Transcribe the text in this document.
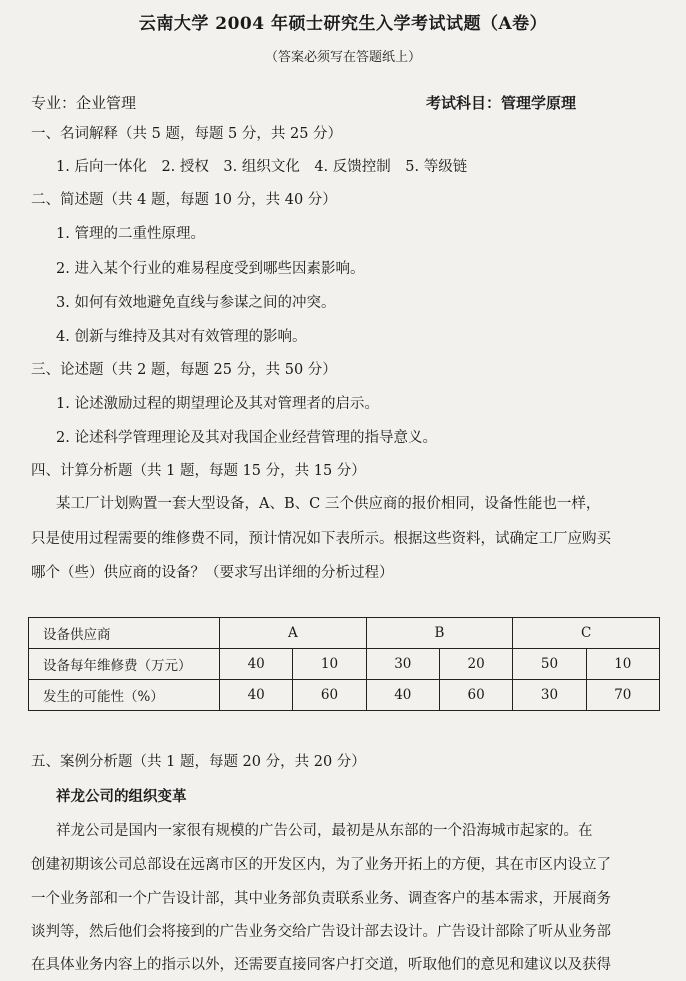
云南大学 2004 年硕士研究生入学考试试题（A卷）
（答案必须写在答题纸上）
专业：企业管理	考试科目：管理学原理
一、名词解释（共 5 题，每题 5 分，共 25 分）
1. 后向一体化　2. 授权　3. 组织文化　4. 反馈控制　5. 等级链
二、简述题（共 4 题，每题 10 分，共 40 分）
1. 管理的二重性原理。
2. 进入某个行业的难易程度受到哪些因素影响。
3. 如何有效地避免直线与参谋之间的冲突。
4. 创新与维持及其对有效管理的影响。
三、论述题（共 2 题，每题 25 分，共 50 分）
1. 论述激励过程的期望理论及其对管理者的启示。
2. 论述科学管理理论及其对我国企业经营管理的指导意义。
四、计算分析题（共 1 题，每题 15 分，共 15 分）
某工厂计划购置一套大型设备，A、B、C 三个供应商的报价相同，设备性能也一样，
只是使用过程需要的维修费不同，预计情况如下表所示。根据这些资料，试确定工厂应购买
哪个（些）供应商的设备？（要求写出详细的分析过程）
设备供应商	A		B		C	
设备每年维修费（万元）	40	10	30	20	50	10
发生的可能性（%）	40	60	40	60	30	70
五、案例分析题（共 1 题，每题 20 分，共 20 分）
祥龙公司的组织变革
祥龙公司是国内一家很有规模的广告公司，最初是从东部的一个沿海城市起家的。在
创建初期该公司总部设在远离市区的开发区内，为了业务开拓上的方便，其在市区内设立了
一个业务部和一个广告设计部，其中业务部负责联系业务、调查客户的基本需求，开展商务
谈判等，然后他们会将接到的广告业务交给广告设计部去设计。广告设计部除了听从业务部
在具体业务内容上的指示以外，还需要直接同客户打交道，听取他们的意见和建议以及获得
